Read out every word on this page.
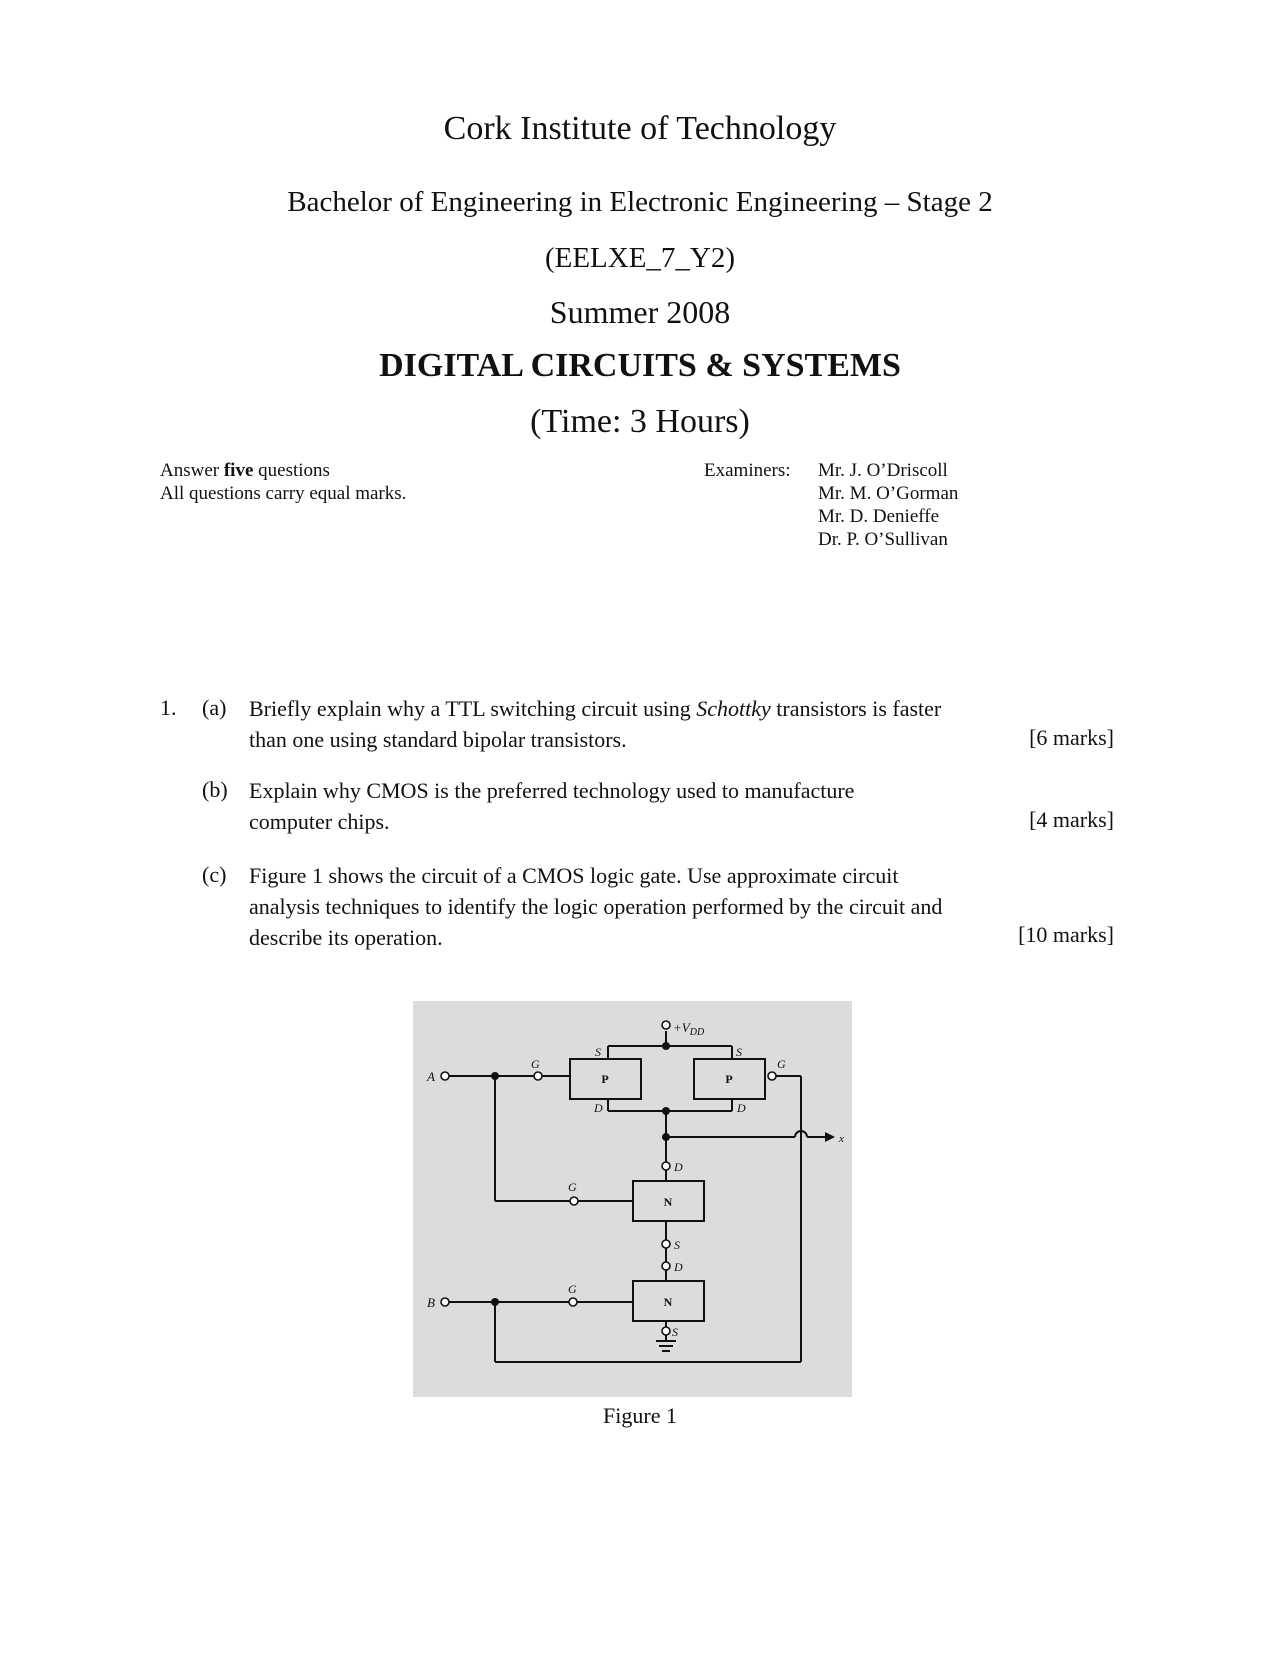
Cork Institute of Technology
Bachelor of Engineering in Electronic Engineering – Stage 2
(EELXE_7_Y2)
Summer 2008
DIGITAL CIRCUITS & SYSTEMS
(Time: 3 Hours)
Answer five questions
All questions carry equal marks.
Examiners: Mr. J. O’Driscoll
Mr. M. O’Gorman
Mr. D. Denieffe
Dr. P. O’Sullivan
1. (a) Briefly explain why a TTL switching circuit using Schottky transistors is faster than one using standard bipolar transistors.	[6 marks]
(b) Explain why CMOS is the preferred technology used to manufacture computer chips.	[4 marks]
(c) Figure 1 shows the circuit of a CMOS logic gate. Use approximate circuit analysis techniques to identify the logic operation performed by the circuit and describe its operation.	[10 marks]
$+V_{DD}$
A
B
x
S	S
D	D
G	G
G
G
D
S
D
S
P	P
N
N
Figure 1
